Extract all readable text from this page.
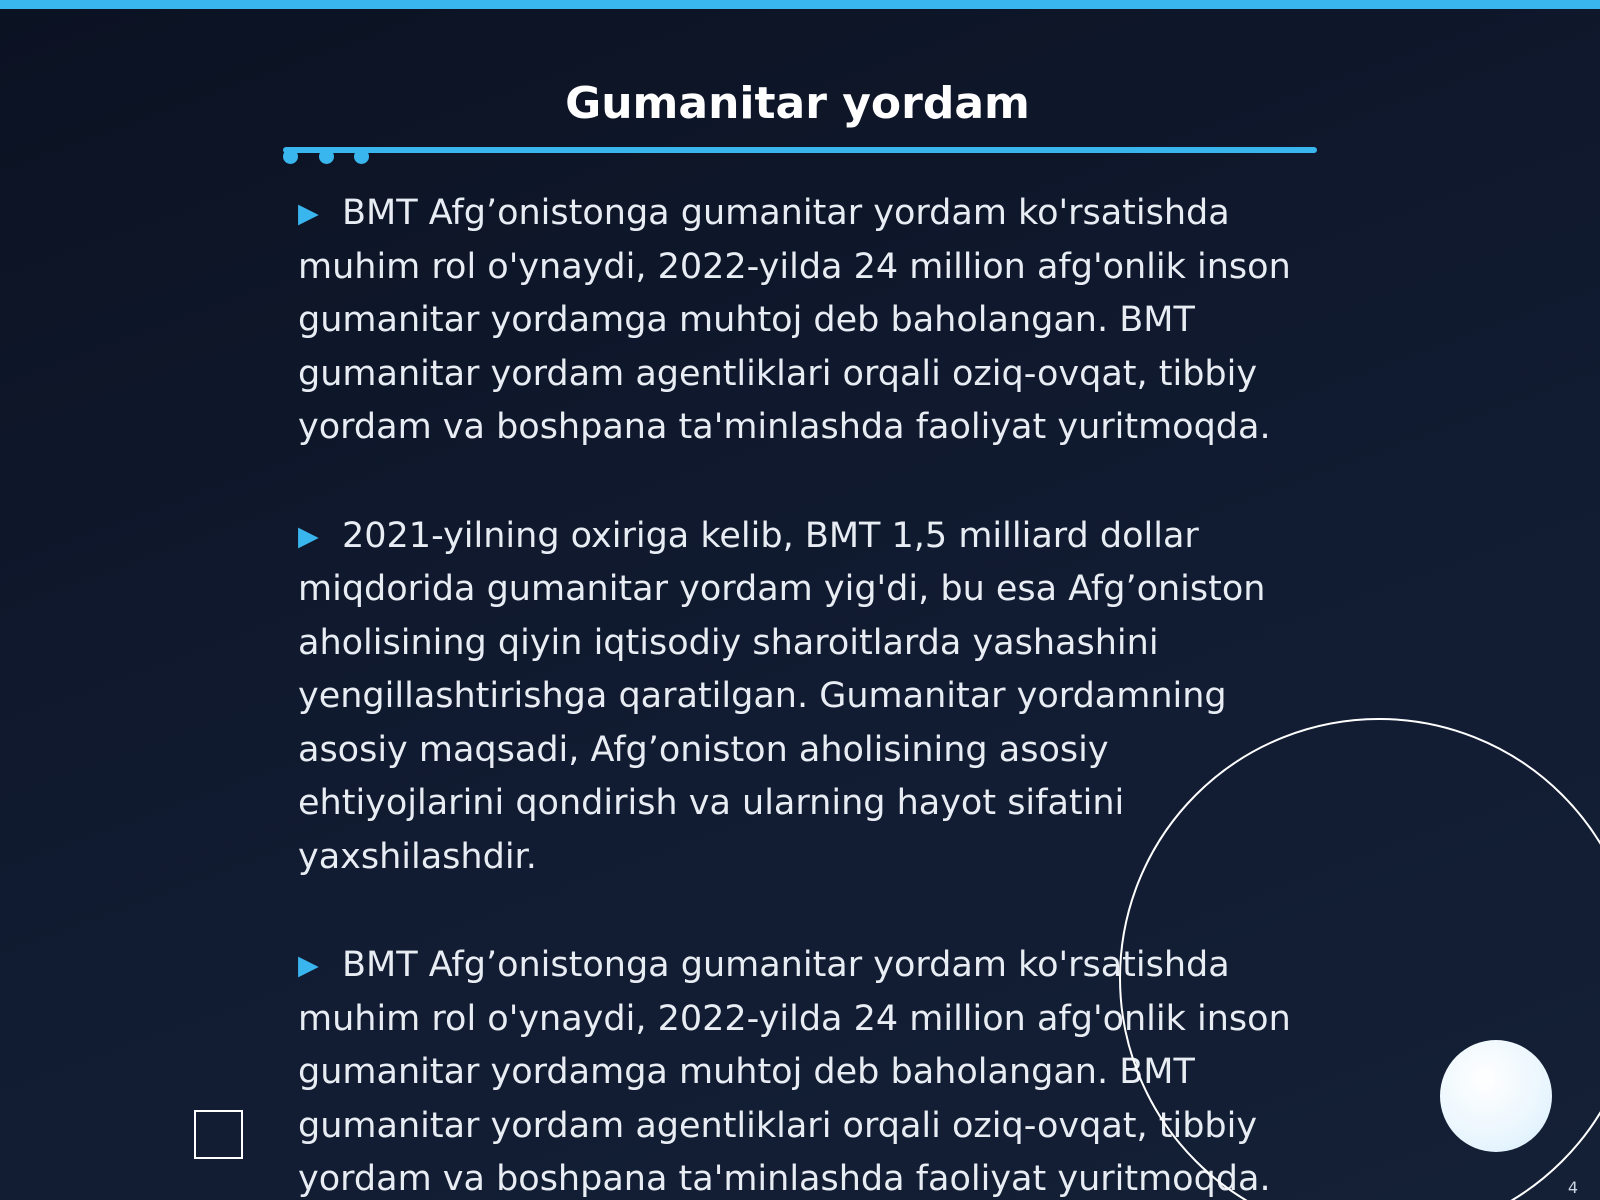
Gumanitar yordam

▶ BMT Afg’onistonga gumanitar yordam ko'rsatishda muhim rol o'ynaydi, 2022-yilda 24 million afg'onlik inson gumanitar yordamga muhtoj deb baholangan. BMT gumanitar yordam agentliklari orqali oziq-ovqat, tibbiy yordam va boshpana ta'minlashda faoliyat yuritmoqda.

▶ 2021-yilning oxiriga kelib, BMT 1,5 milliard dollar miqdorida gumanitar yordam yig'di, bu esa Afg’oniston aholisining qiyin iqtisodiy sharoitlarda yashashini yengillashtirishga qaratilgan. Gumanitar yordamning asosiy maqsadi, Afg’oniston aholisining asosiy ehtiyojlarini qondirish va ularning hayot sifatini yaxshilashdir.

▶ BMT Afg’onistonga gumanitar yordam ko'rsatishda muhim rol o'ynaydi, 2022-yilda 24 million afg'onlik inson gumanitar yordamga muhtoj deb baholangan. BMT gumanitar yordam agentliklari orqali oziq-ovqat, tibbiy yordam va boshpana ta'minlashda faoliyat yuritmoqda.	4
